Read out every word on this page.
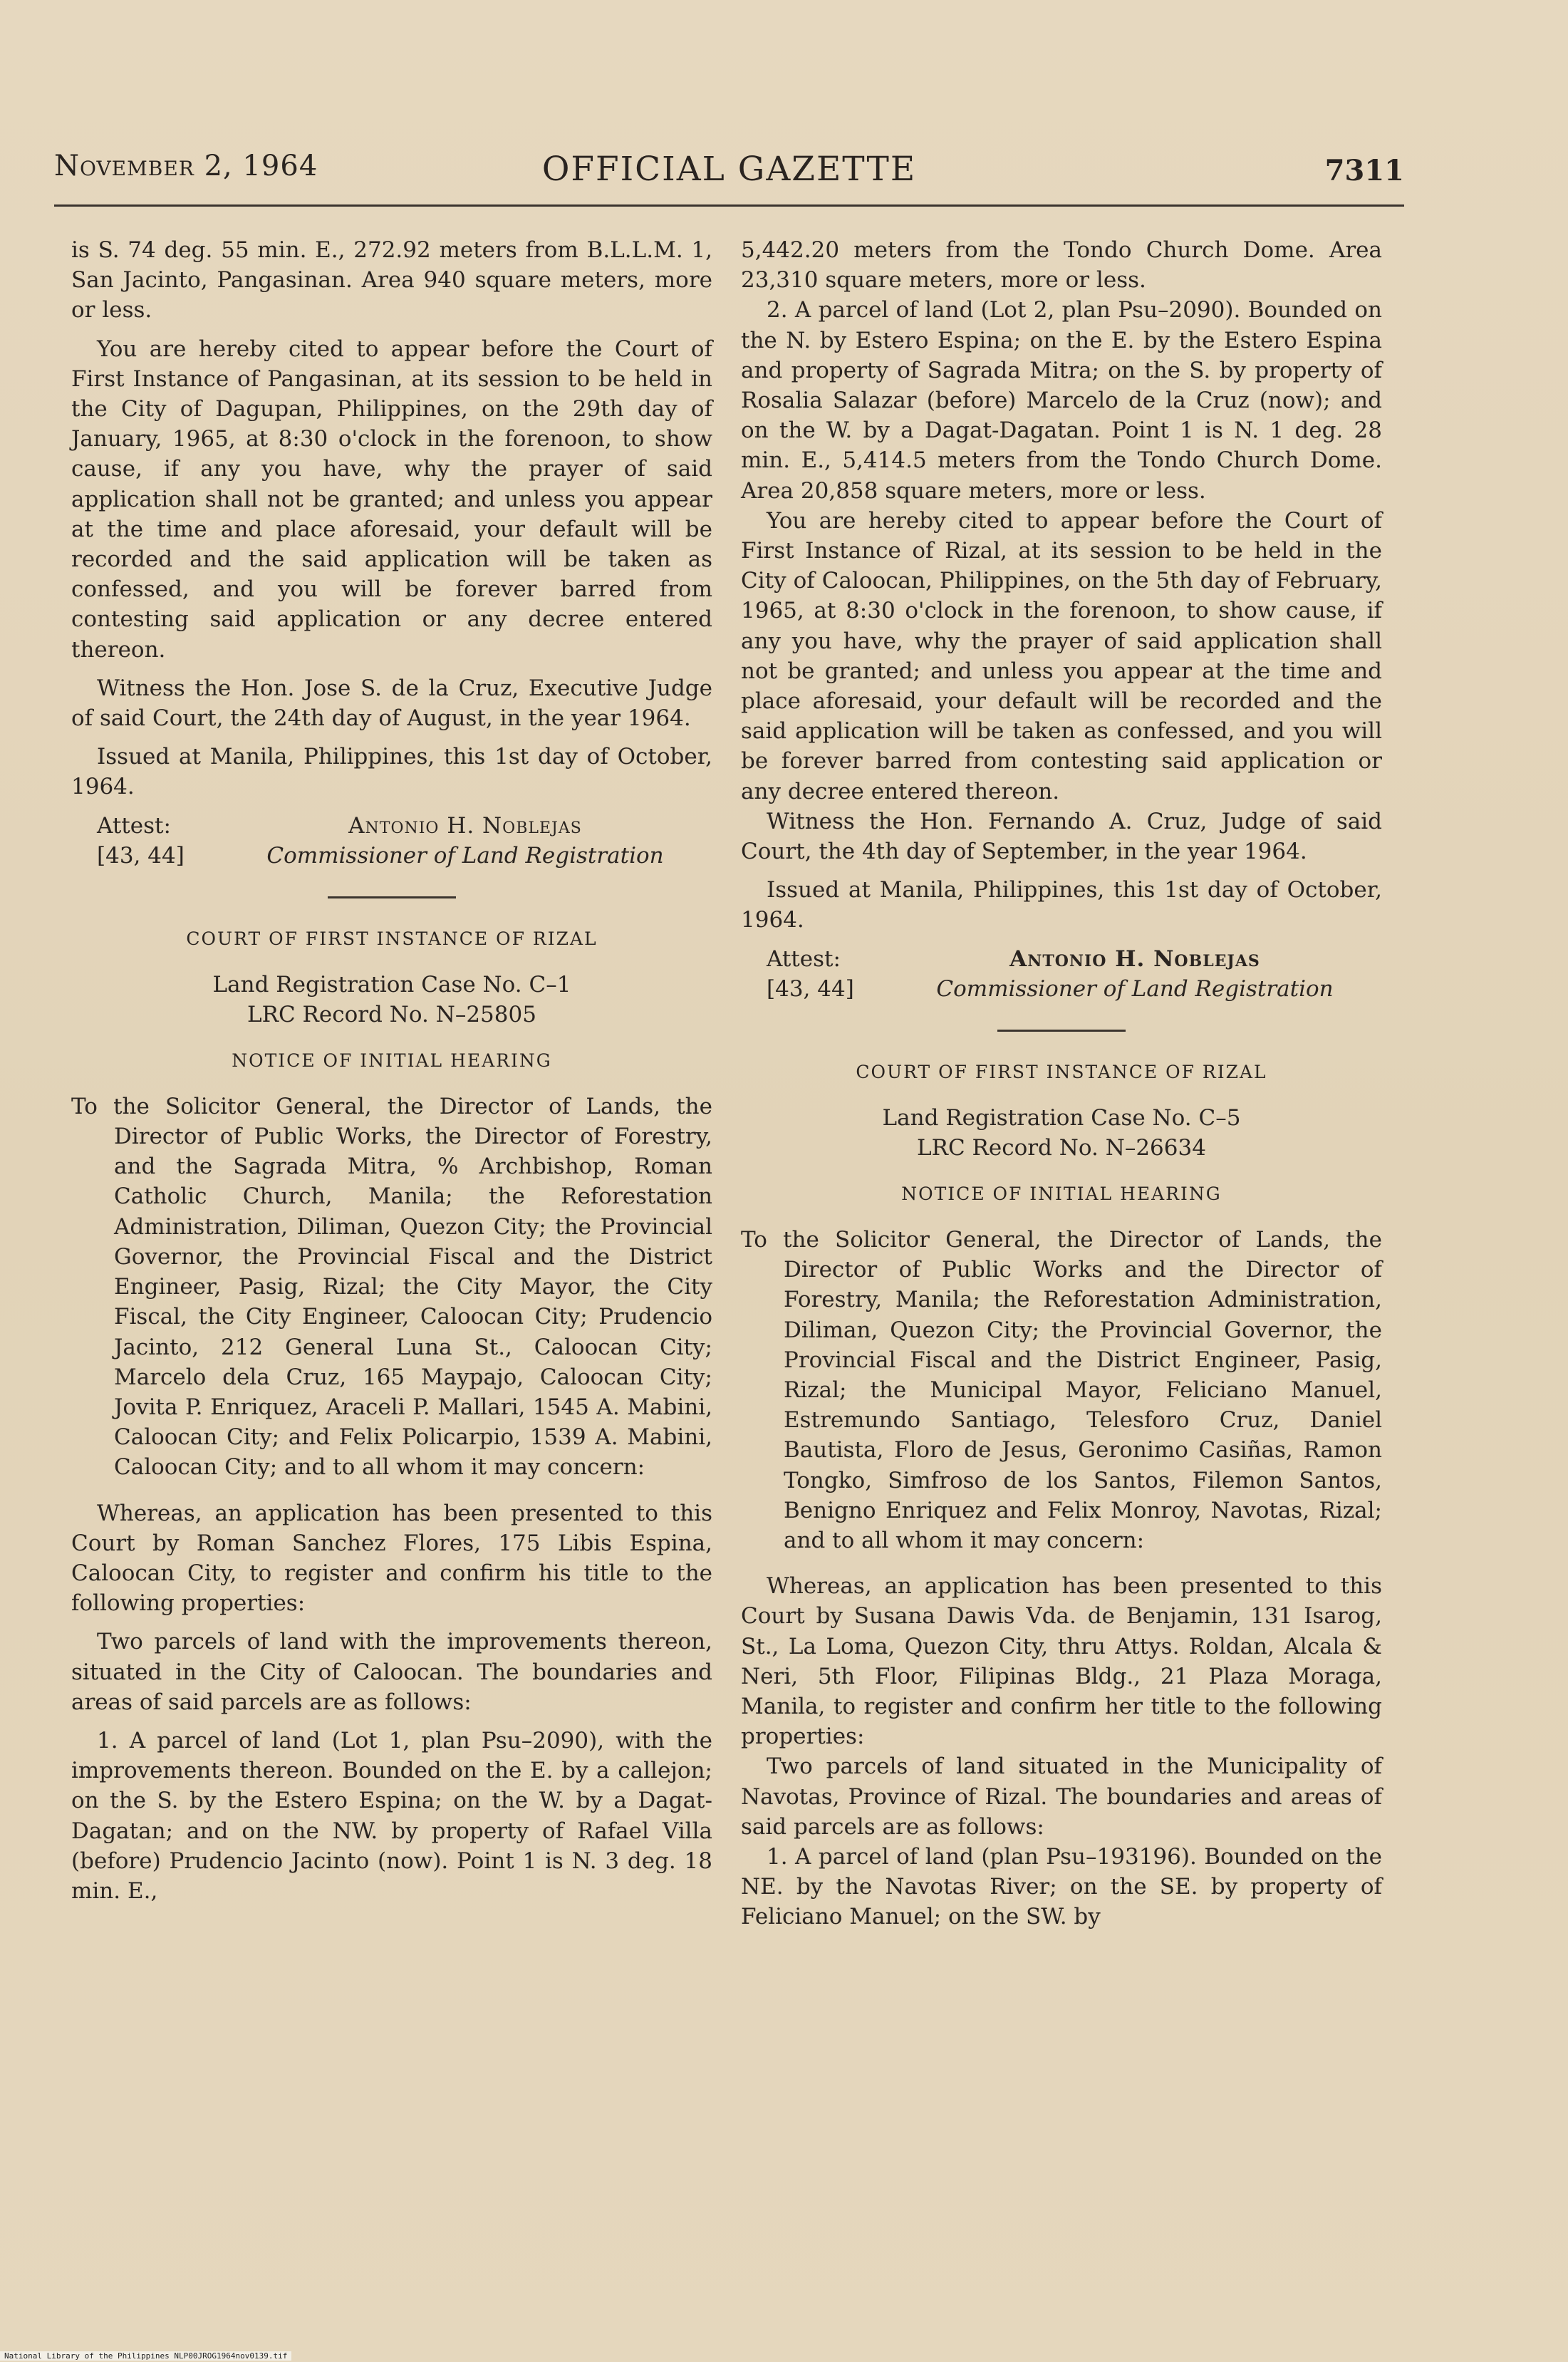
November 2, 1964	OFFICIAL GAZETTE	7311

is S. 74 deg. 55 min. E., 272.92 meters from B.L.L.M. 1, San Jacinto, Pangasinan. Area 940 square meters, more or less.

You are hereby cited to appear before the Court of First Instance of Pangasinan, at its session to be held in the City of Dagupan, Philippines, on the 29th day of January, 1965, at 8:30 o'clock in the forenoon, to show cause, if any you have, why the prayer of said application shall not be granted; and unless you appear at the time and place aforesaid, your default will be recorded and the said application will be taken as confessed, and you will be forever barred from contesting said application or any decree entered thereon.

Witness the Hon. Jose S. de la Cruz, Executive Judge of said Court, the 24th day of August, in the year 1964.

Issued at Manila, Philippines, this 1st day of October, 1964.

Attest:
[43, 44]
Antonio H. Noblejas
Commissioner of Land Registration
COURT OF FIRST INSTANCE OF RIZAL
Land Registration Case No. C–1
LRC Record No. N–25805
NOTICE OF INITIAL HEARING

To the Solicitor General, the Director of Lands, the Director of Public Works, the Director of Forestry, and the Sagrada Mitra, % Archbishop, Roman Catholic Church, Manila; the Reforestation Administration, Diliman, Quezon City; the Provincial Governor, the Provincial Fiscal and the District Engineer, Pasig, Rizal; the City Mayor, the City Fiscal, the City Engineer, Caloocan City; Prudencio Jacinto, 212 General Luna St., Caloocan City; Marcelo dela Cruz, 165 Maypajo, Caloocan City; Jovita P. Enriquez, Araceli P. Mallari, 1545 A. Mabini, Caloocan City; and Felix Policarpio, 1539 A. Mabini, Caloocan City; and to all whom it may concern:

Whereas, an application has been presented to this Court by Roman Sanchez Flores, 175 Libis Espina, Caloocan City, to register and confirm his title to the following properties:

Two parcels of land with the improvements thereon, situated in the City of Caloocan. The boundaries and areas of said parcels are as follows:

1. A parcel of land (Lot 1, plan Psu–2090), with the improvements thereon. Bounded on the E. by a callejon; on the S. by the Estero Espina; on the W. by a Dagat-Dagatan; and on the NW. by property of Rafael Villa (before) Prudencio Jacinto (now). Point 1 is N. 3 deg. 18 min. E.,

5,442.20 meters from the Tondo Church Dome. Area 23,310 square meters, more or less.

2. A parcel of land (Lot 2, plan Psu–2090). Bounded on the N. by Estero Espina; on the E. by the Estero Espina and property of Sagrada Mitra; on the S. by property of Rosalia Salazar (before) Marcelo de la Cruz (now); and on the W. by a Dagat-Dagatan. Point 1 is N. 1 deg. 28 min. E., 5,414.5 meters from the Tondo Church Dome. Area 20,858 square meters, more or less.

You are hereby cited to appear before the Court of First Instance of Rizal, at its session to be held in the City of Caloocan, Philippines, on the 5th day of February, 1965, at 8:30 o'clock in the forenoon, to show cause, if any you have, why the prayer of said application shall not be granted; and unless you appear at the time and place aforesaid, your default will be recorded and the said application will be taken as confessed, and you will be forever barred from contesting said application or any decree entered thereon.

Witness the Hon. Fernando A. Cruz, Judge of said Court, the 4th day of September, in the year 1964.

Issued at Manila, Philippines, this 1st day of October, 1964.

Attest:
[43, 44]
Antonio H. Noblejas
Commissioner of Land Registration
COURT OF FIRST INSTANCE OF RIZAL
Land Registration Case No. C–5
LRC Record No. N–26634
NOTICE OF INITIAL HEARING

To the Solicitor General, the Director of Lands, the Director of Public Works and the Director of Forestry, Manila; the Reforestation Administration, Diliman, Quezon City; the Provincial Governor, the Provincial Fiscal and the District Engineer, Pasig, Rizal; the Municipal Mayor, Feliciano Manuel, Estremundo Santiago, Telesforo Cruz, Daniel Bautista, Floro de Jesus, Geronimo Casiñas, Ramon Tongko, Simfroso de los Santos, Filemon Santos, Benigno Enriquez and Felix Monroy, Navotas, Rizal; and to all whom it may concern:

Whereas, an application has been presented to this Court by Susana Dawis Vda. de Benjamin, 131 Isarog, St., La Loma, Quezon City, thru Attys. Roldan, Alcala & Neri, 5th Floor, Filipinas Bldg., 21 Plaza Moraga, Manila, to register and confirm her title to the following properties:

Two parcels of land situated in the Municipality of Navotas, Province of Rizal. The boundaries and areas of said parcels are as follows:

1. A parcel of land (plan Psu–193196). Bounded on the NE. by the Navotas River; on the SE. by property of Feliciano Manuel; on the SW. by

National Library of the Philippines NLP00JROG1964nov0139.tif
